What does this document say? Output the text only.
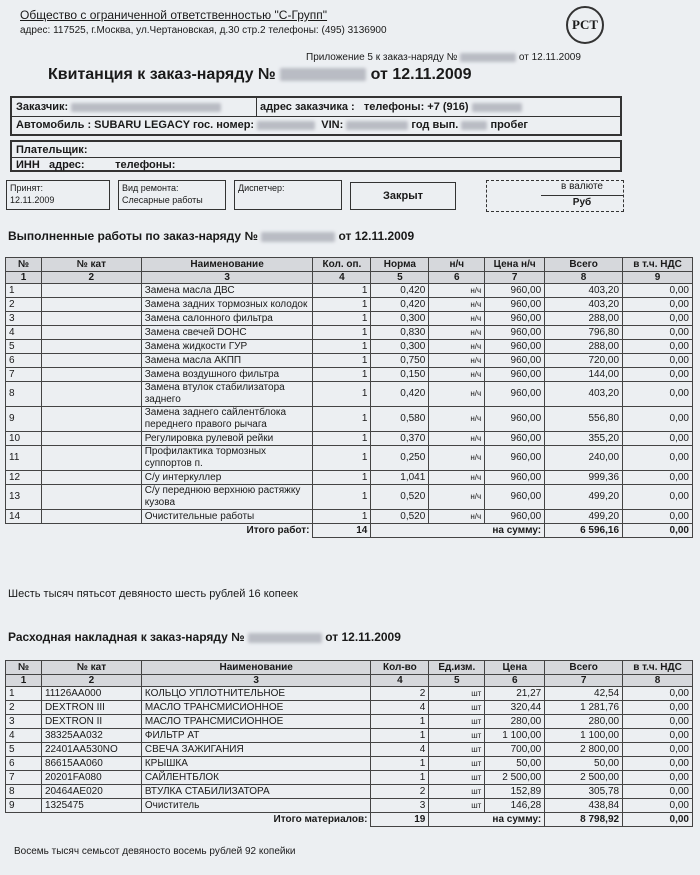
Общество с ограниченной ответственностью "С-Групп"
адрес: 117525, г.Москва, ул.Чертановская, д.30 стр.2 телефоны: (495) 3136900	PCT
Приложение 5 к заказ-наряду №	от 12.11.2009
Квитанция к заказ-наряду №	от 12.11.2009
Заказчик:	адрес заказчика : телефоны: +7 (916)
Автомобиль : SUBARU LEGACY гос. номер:	VIN:	год вып.	пробег
Плательщик:
ИНН адрес:	телефоны:
Принят:
12.11.2009
Вид ремонта:
Слесарные работы
Диспетчер:
Закрыт
в валюте
Руб
Выполненные работы по заказ-наряду №	от 12.11.2009
№	№ кат	Наименование	Кол. оп.	Норма	н/ч	Цена н/ч	Всего	в т.ч. НДС
1	2	3	4	5	6	7	8	9
1		Замена масла ДВС	1	0,420	н/ч	960,00	403,20	0,00
2		Замена задних тормозных колодок	1	0,420	н/ч	960,00	403,20	0,00
3		Замена салонного фильтра	1	0,300	н/ч	960,00	288,00	0,00
4		Замена свечей DOHC	1	0,830	н/ч	960,00	796,80	0,00
5		Замена жидкости ГУР	1	0,300	н/ч	960,00	288,00	0,00
6		Замена масла АКПП	1	0,750	н/ч	960,00	720,00	0,00
7		Замена воздушного фильтра	1	0,150	н/ч	960,00	144,00	0,00
8		Замена втулок стабилизатора заднего	1	0,420	н/ч	960,00	403,20	0,00
9		Замена заднего сайлентблока переднего правого рычага	1	0,580	н/ч	960,00	556,80	0,00
10		Регулировка рулевой рейки	1	0,370	н/ч	960,00	355,20	0,00
11		Профилактика тормозных суппортов п.	1	0,250	н/ч	960,00	240,00	0,00
12		С/у интеркуллер	1	1,041	н/ч	960,00	999,36	0,00
13		С/у переднюю верхнюю растяжку кузова	1	0,520	н/ч	960,00	499,20	0,00
14		Очистительные работы	1	0,520	н/ч	960,00	499,20	0,00
Итого работ:			14	на сумму:			6 596,16	0,00
Шесть тысяч пятьсот девяносто шесть рублей 16 копеек
Расходная накладная к заказ-наряду №	от 12.11.2009
№	№ кат	Наименование	Кол-во	Ед.изм.	Цена	Всего	в т.ч. НДС
1	2	3	4	5	6	7	8
1	11126AA000	КОЛЬЦО УПЛОТНИТЕЛЬНОЕ	2	шт	21,27	42,54	0,00
2	DEXTRON III	МАСЛО ТРАНСМИСИОННОЕ	4	шт	320,44	1 281,76	0,00
3	DEXTRON II	МАСЛО ТРАНСМИСИОННОЕ	1	шт	280,00	280,00	0,00
4	38325AA032	ФИЛЬТР АТ	1	шт	1 100,00	1 100,00	0,00
5	22401AA530NO	СВЕЧА ЗАЖИГАНИЯ	4	шт	700,00	2 800,00	0,00
6	86615AA060	КРЫШКА	1	шт	50,00	50,00	0,00
7	20201FA080	САЙЛЕНТБЛОК	1	шт	2 500,00	2 500,00	0,00
8	20464AE020	ВТУЛКА СТАБИЛИЗАТОРА	2	шт	152,89	305,78	0,00
9	1325475	Очиститель	3	шт	146,28	438,84	0,00
Итого материалов:			19	на сумму:		8 798,92	0,00
Восемь тысяч семьсот девяносто восемь рублей 92 копейки
